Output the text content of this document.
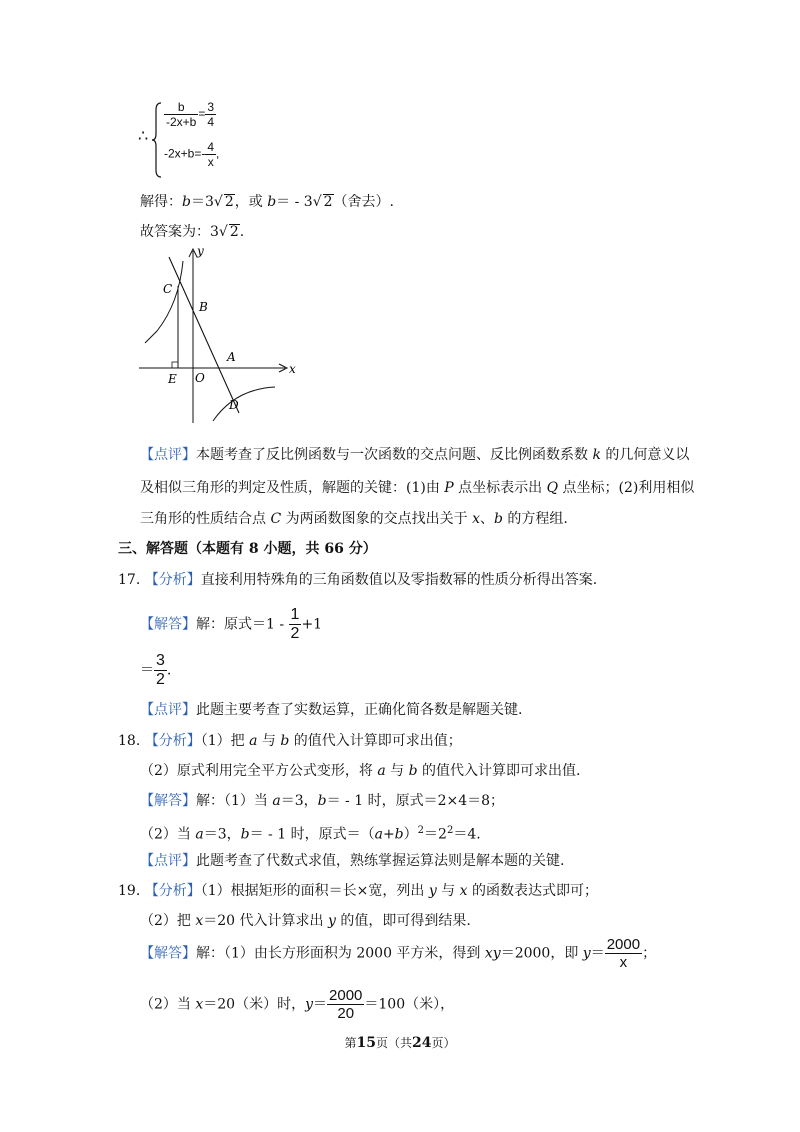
∴
$\frac{b}{-2x+b} = \frac{3}{4}$
$-2x+b=- \frac{4}{x}$ ,
解得：b＝3√ 2，或 b＝ - 3√ 2（舍去）.
故答案为：3√ 2.
y
x
C
B
A
E O
D
【点评】本题考查了反比例函数与一次函数的交点问题、反比例函数系数 k 的几何意义以
及相似三角形的判定及性质，解题的关键：(1)由 P 点坐标表示出 Q 点坐标；(2)利用相似
三角形的性质结合点 C 为两函数图象的交点找出关于 x、b 的方程组.
三、解答题（本题有 8 小题，共 66 分）
17. 【分析】直接利用特殊角的三角函数值以及零指数幂的性质分析得出答案.
【解答】解：原式$=1 - \frac{1}{2} +1$
＝ $\frac{3}{2}$ .
【点评】此题主要考查了实数运算，正确化简各数是解题关键.
18. 【分析】（1）把 a 与 b 的值代入计算即可求出值；
（2）原式利用完全平方公式变形，将 a 与 b 的值代入计算即可求出值.
【解答】解：（1）当 a＝3，b＝ - 1 时，原式＝2×4＝8；
（2）当 a＝3，b＝ - 1 时，原式$=(a+b)^2=2^2=4$.
【点评】此题考查了代数式求值，熟练掌握运算法则是解本题的关键.
19. 【分析】（1）根据矩形的面积＝长×宽，列出 y 与 x 的函数表达式即可；
（2）把 x＝20 代入计算求出 y 的值，即可得到结果.
【解答】解：（1）由长方形面积为 2000 平方米，得到 xy＝2000，即 $y= \frac{2000}{x}$ ；
（2）当 x＝20（米）时，$y= \frac{2000}{20} =100$（米），
第15页（共24页）
